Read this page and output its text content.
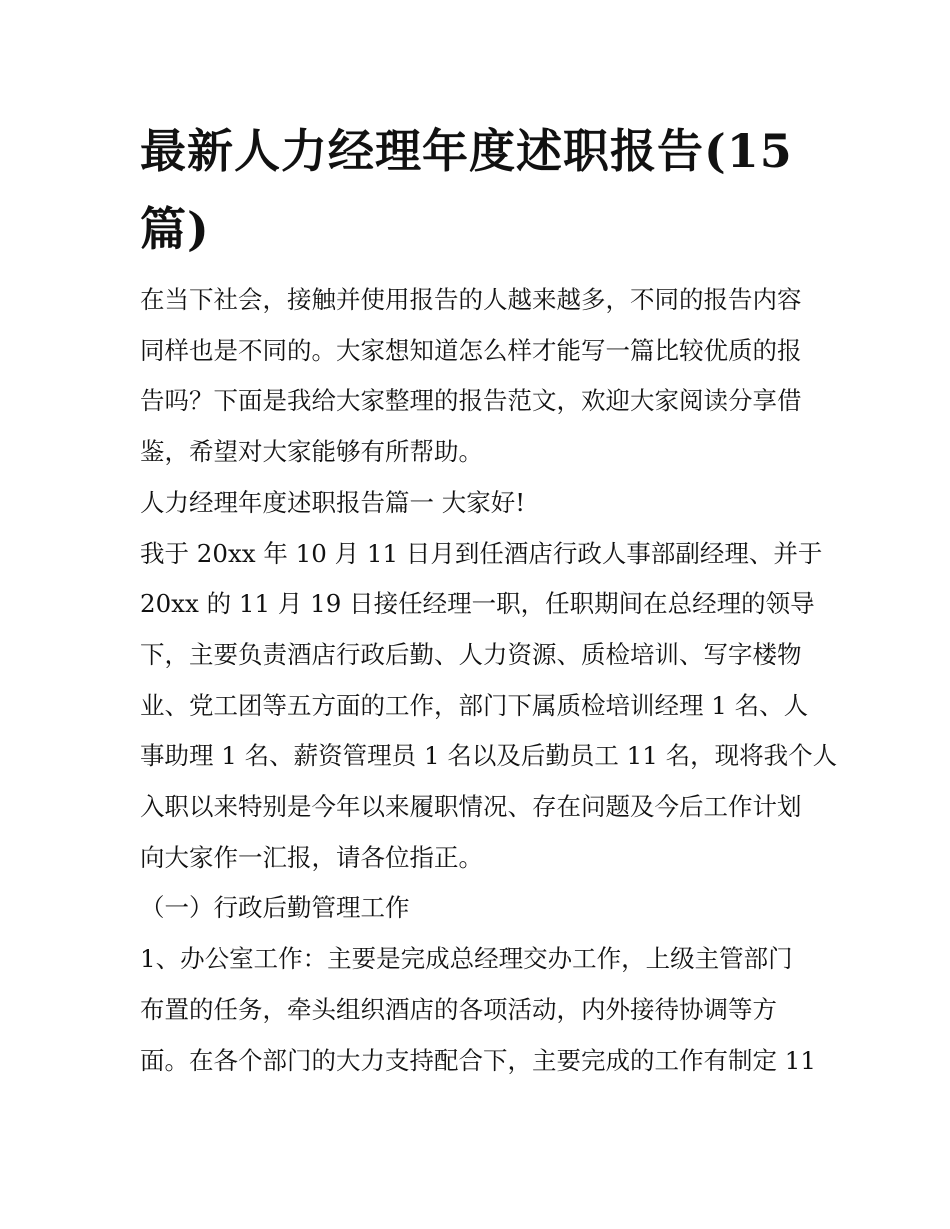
最新人力经理年度述职报告(15
篇)
在当下社会，接触并使用报告的人越来越多，不同的报告内容
同样也是不同的。大家想知道怎么样才能写一篇比较优质的报
告吗？下面是我给大家整理的报告范文，欢迎大家阅读分享借
鉴，希望对大家能够有所帮助。
人力经理年度述职报告篇一 大家好!
我于 20xx 年 10 月 11 日月到任酒店行政人事部副经理、并于
20xx 的 11 月 19 日接任经理一职，任职期间在总经理的领导
下，主要负责酒店行政后勤、人力资源、质检培训、写字楼物
业、党工团等五方面的工作，部门下属质检培训经理 1 名、人
事助理 1 名、薪资管理员 1 名以及后勤员工 11 名，现将我个人
入职以来特别是今年以来履职情况、存在问题及今后工作计划
向大家作一汇报，请各位指正。
（一）行政后勤管理工作
1、办公室工作：主要是完成总经理交办工作，上级主管部门
布置的任务，牵头组织酒店的各项活动，内外接待协调等方
面。在各个部门的大力支持配合下，主要完成的工作有制定 11
